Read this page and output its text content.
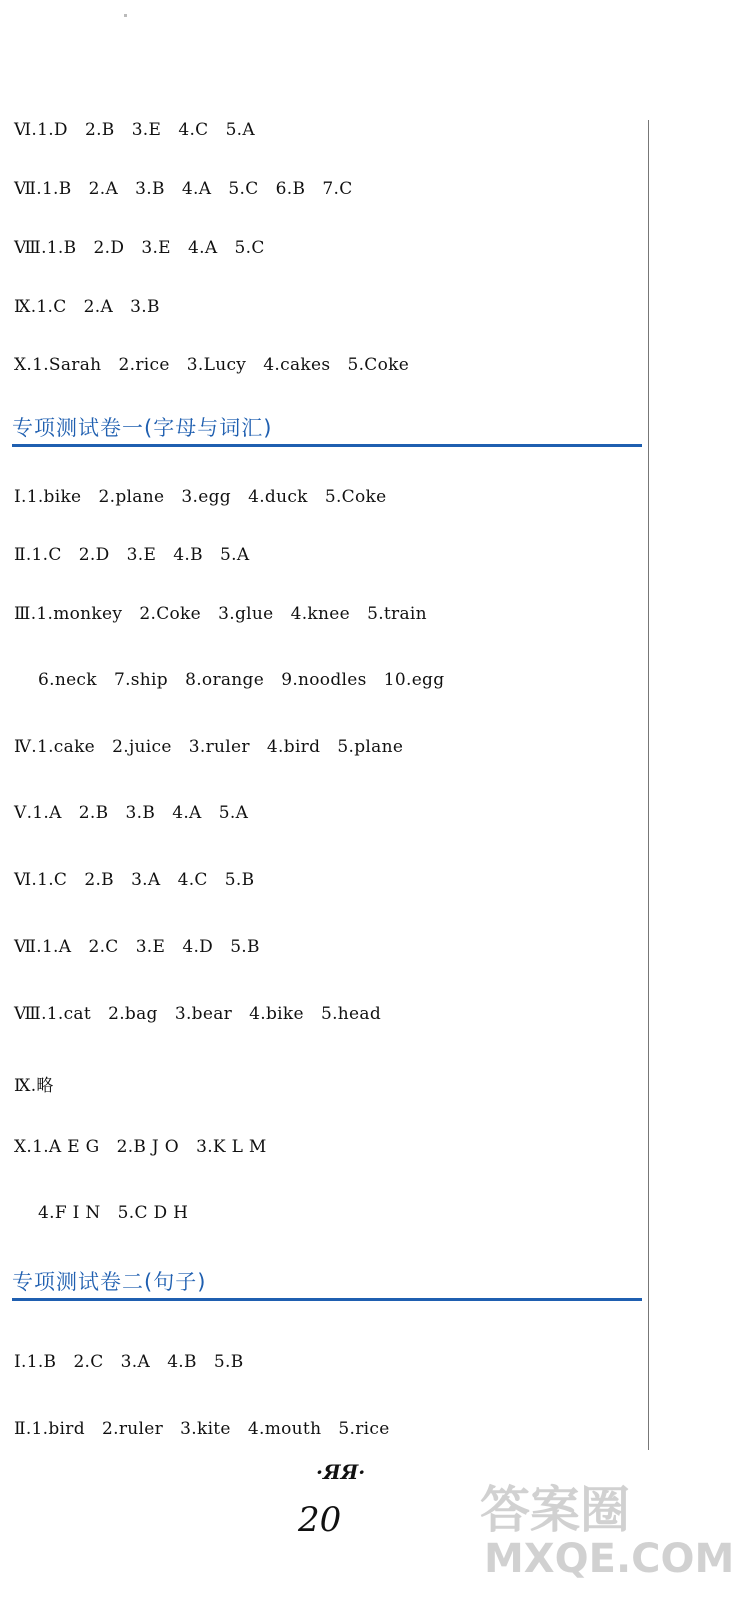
Ⅵ.1.D   2.B   3.E   4.C   5.A
Ⅶ.1.B   2.A   3.B   4.A   5.C   6.B   7.C
Ⅷ.1.B   2.D   3.E   4.A   5.C
Ⅸ.1.C   2.A   3.B
Ⅹ.1.Sarah   2.rice   3.Lucy   4.cakes   5.Coke
专项测试卷一(字母与词汇)
Ⅰ.1.bike   2.plane   3.egg   4.duck   5.Coke
Ⅱ.1.C   2.D   3.E   4.B   5.A
Ⅲ.1.monkey   2.Coke   3.glue   4.knee   5.train
6.neck   7.ship   8.orange   9.noodles   10.egg
Ⅳ.1.cake   2.juice   3.ruler   4.bird   5.plane
Ⅴ.1.A   2.B   3.B   4.A   5.A
Ⅵ.1.C   2.B   3.A   4.C   5.B
Ⅶ.1.A   2.C   3.E   4.D   5.B
Ⅷ.1.cat   2.bag   3.bear   4.bike   5.head
Ⅸ.略
Ⅹ.1.A E G   2.B J O   3.K L M
4.F I N   5.C D H
专项测试卷二(句子)
Ⅰ.1.B   2.C   3.A   4.B   5.B
Ⅱ.1.bird   2.ruler   3.kite   4.mouth   5.rice
·ЯЯ·
20	答案圈
MXQE.COM
